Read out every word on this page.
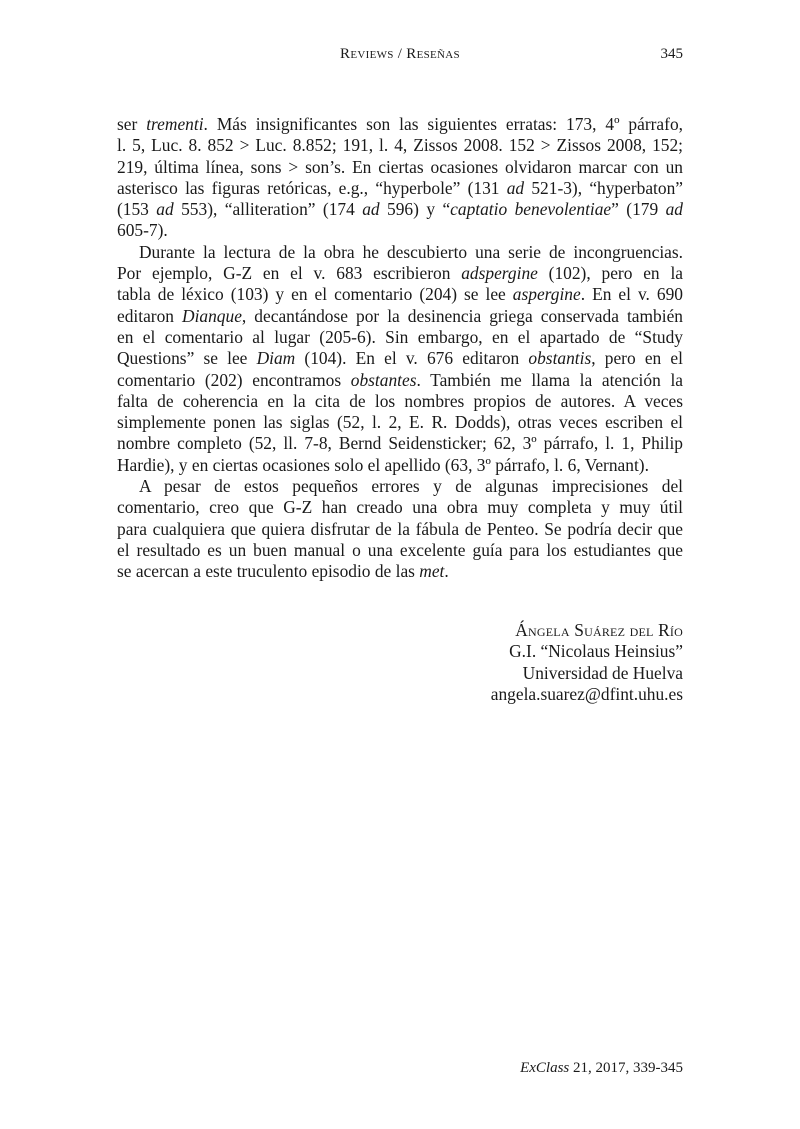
Reviews / Reseñas	345
ser trementi. Más insignificantes son las siguientes erratas: 173, 4º párrafo,
l. 5, Luc. 8. 852 > Luc. 8.852; 191, l. 4, Zissos 2008. 152 > Zissos 2008, 152;
219, última línea, sons > son’s. En ciertas ocasiones olvidaron marcar con un
asterisco las figuras retóricas, e.g., “hyperbole” (131 ad 521-3), “hyperbaton”
(153 ad 553), “alliteration” (174 ad 596) y “captatio benevolentiae” (179 ad
605-7).
Durante la lectura de la obra he descubierto una serie de incongruencias.
Por ejemplo, G-Z en el v. 683 escribieron adspergine (102), pero en la
tabla de léxico (103) y en el comentario (204) se lee aspergine. En el v. 690
editaron Dianque, decantándose por la desinencia griega conservada también
en el comentario al lugar (205-6). Sin embargo, en el apartado de “Study
Questions” se lee Diam (104). En el v. 676 editaron obstantis, pero en el
comentario (202) encontramos obstantes. También me llama la atención la
falta de coherencia en la cita de los nombres propios de autores. A veces
simplemente ponen las siglas (52, l. 2, E. R. Dodds), otras veces escriben el
nombre completo (52, ll. 7-8, Bernd Seidensticker; 62, 3º párrafo, l. 1, Philip
Hardie), y en ciertas ocasiones solo el apellido (63, 3º párrafo, l. 6, Vernant).
A pesar de estos pequeños errores y de algunas imprecisiones del
comentario, creo que G-Z han creado una obra muy completa y muy útil
para cualquiera que quiera disfrutar de la fábula de Penteo. Se podría decir que
el resultado es un buen manual o una excelente guía para los estudiantes que
se acercan a este truculento episodio de las met.
Ángela Suárez del Río
G.I. “Nicolaus Heinsius”
Universidad de Huelva
angela.suarez@dfint.uhu.es
ExClass 21, 2017, 339-345
